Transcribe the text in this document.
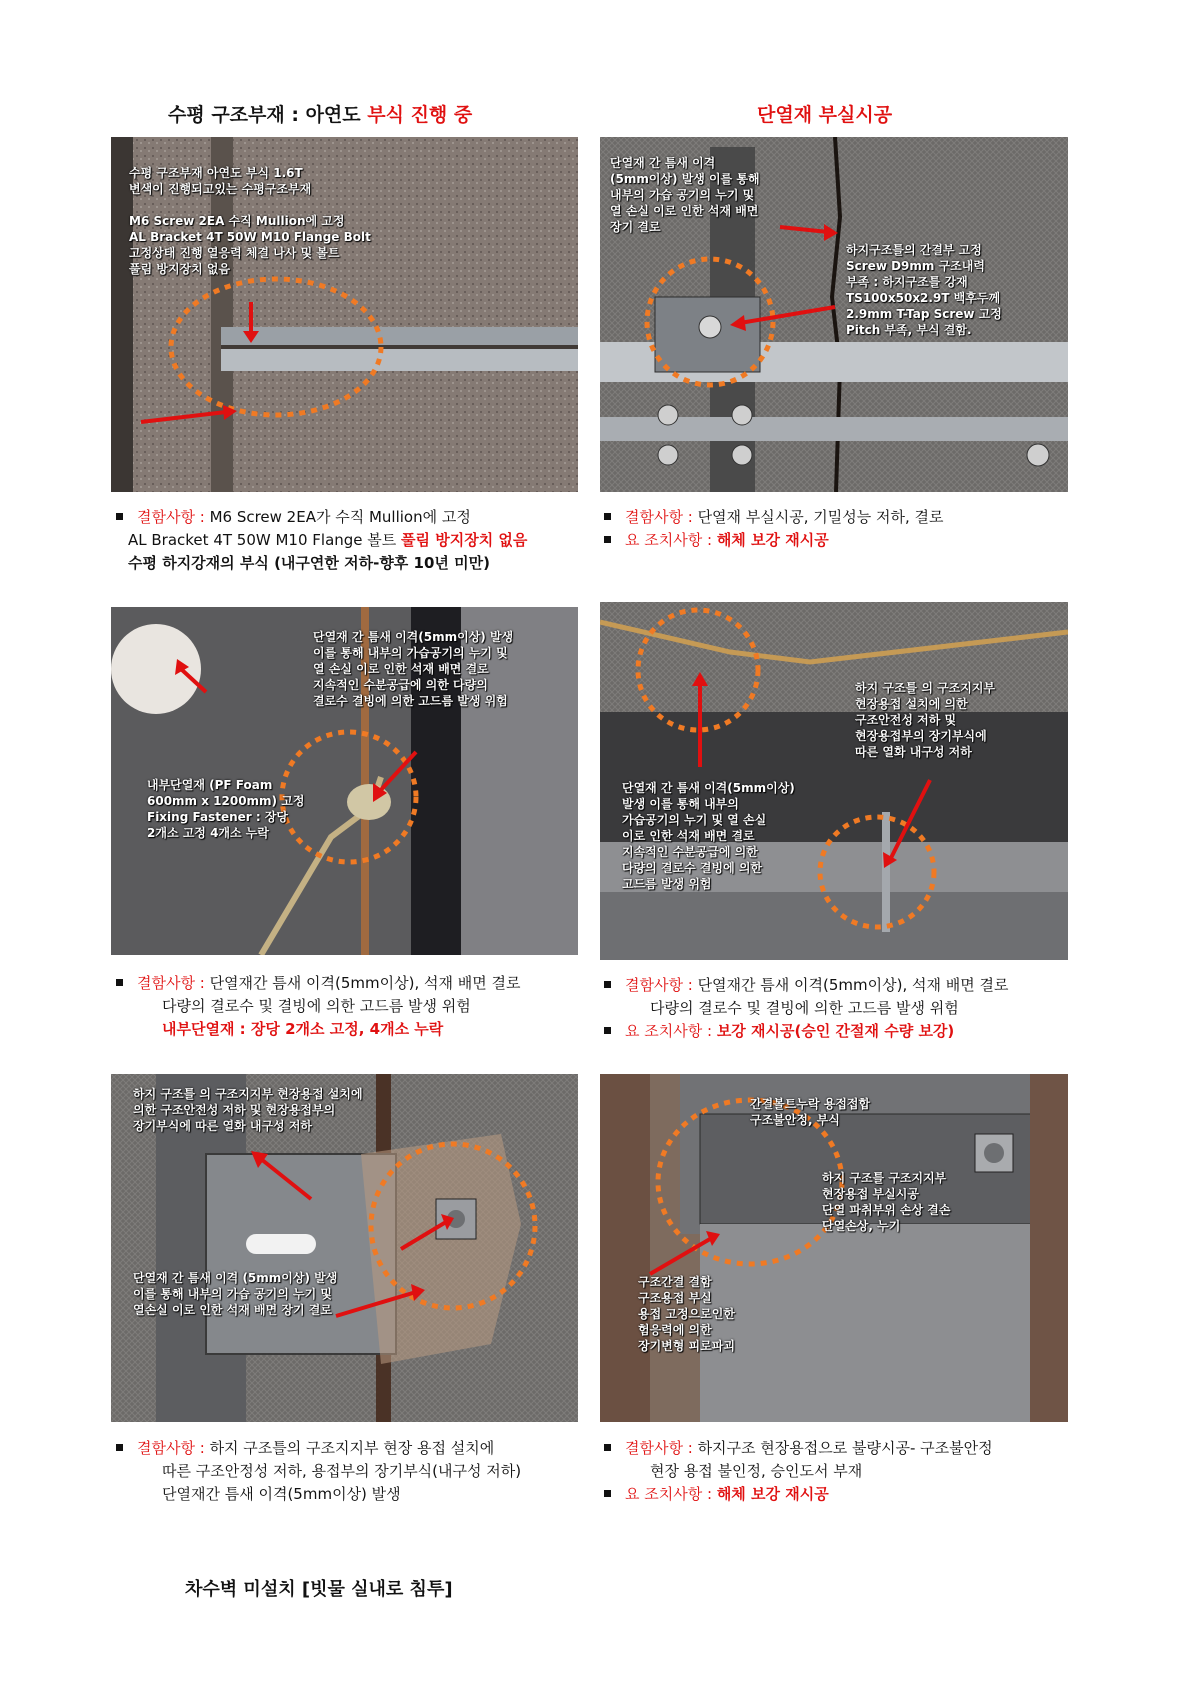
수평 구조부재 : 아연도 부식 진행 중	단열재 부실시공
수평 구조부재 아연도 부식 1.6T
변색이 진행되고있는 수평구조부재

M6 Screw 2EA 수직 Mullion에 고정
AL Bracket 4T 50W M10 Flange Bolt
고정상태 진행 열응력 체결 나사 및 볼트
풀림 방지장치 없음
단열재 간 틈새 이격
(5mm이상) 발생 이를 통해
내부의 가습 공기의 누기 및
열 손실 이로 인한 석재 배면
장기 결로
하지구조틀의 간결부 고정
Screw D9mm 구조내력
부족 : 하지구조틀 강재
TS100x50x2.9T 백후두께
2.9mm T-Tap Screw 고정
Pitch 부족, 부식 결함.
결함사항 : M6 Screw 2EA가 수직 Mullion에 고정
AL Bracket 4T 50W M10 Flange 볼트 풀림 방지장치 없음
수평 하지강재의 부식 (내구연한 저하-향후 10년 미만)
결함사항 : 단열재 부실시공, 기밀성능 저하, 결로
요 조치사항 : 해체 보강 재시공
단열재 간 틈새 이격(5mm이상) 발생
이를 통해 내부의 가습공기의 누기 및
열 손실 이로 인한 석재 배면 결로
지속적인 수분공급에 의한 다량의
결로수 결빙에 의한 고드름 발생 위험
내부단열재 (PF Foam
600mm x 1200mm) 고정
Fixing Fastener : 장당
2개소 고정 4개소 누락
하지 구조틀 의 구조지지부
현장용접 설치에 의한
구조안전성 저하 및
현장용접부의 장기부식에
따른 열화 내구성 저하
단열재 간 틈새 이격(5mm이상)
발생 이를 통해 내부의
가습공기의 누기 및 열 손실
이로 인한 석재 배면 결로
지속적인 수분공급에 의한
다량의 결로수 결빙에 의한
고드름 발생 위험
결함사항 : 단열재간 틈새 이격(5mm이상), 석재 배면 결로
다량의 결로수 및 결빙에 의한 고드름 발생 위험
내부단열재 : 장당 2개소 고정, 4개소 누락
결함사항 : 단열재간 틈새 이격(5mm이상), 석재 배면 결로
다량의 결로수 및 결빙에 의한 고드름 발생 위험
요 조치사항 : 보강 재시공(승인 간절재 수량 보강)
하지 구조틀 의 구조지지부 현장용접 설치에
의한 구조안전성 저하 및 현장용접부의
장기부식에 따른 열화 내구성 저하
단열재 간 틈새 이격 (5mm이상) 발생
이를 통해 내부의 가습 공기의 누기 및
열손실 이로 인한 석재 배면 장기 결로
간결볼트누락 용접접합
구조불안정, 부식
하지 구조틀 구조지지부
현장용접 부실시공
단열 파취부위 손상 결손
단열손상, 누기
구조간결 결함
구조용접 부실
용접 고정으로인한
험응력에 의한
장기변형 피로파괴
결함사항 : 하지 구조틀의 구조지지부 현장 용접 설치에
따른 구조안정성 저하, 용접부의 장기부식(내구성 저하)
단열재간 틈새 이격(5mm이상) 발생
결함사항 : 하지구조 현장용접으로 불량시공- 구조불안정
현장 용접 불인정, 승인도서 부재
요 조치사항 : 해체 보강 재시공
차수벽 미설치 [빗물 실내로 침투]
